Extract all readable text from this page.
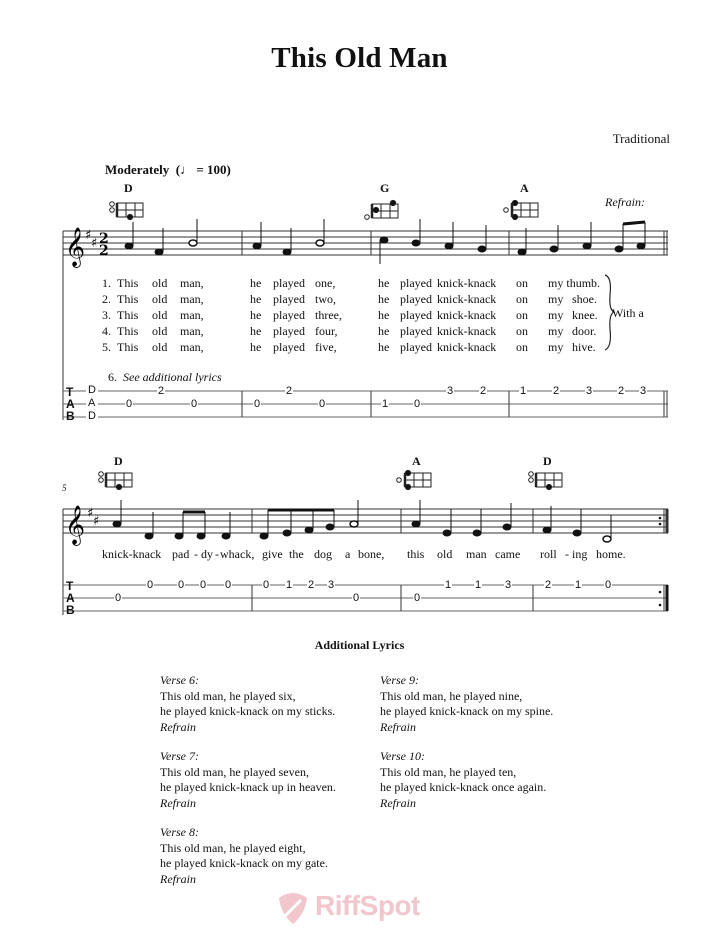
This Old Man
Traditional
Moderately (♩ = 100)
D	G	A
Refrain:
𝄞 ♯
♯ 2
2
T
A
B
D
A
D
2
0	0
2
0	0	1 0
3 2	1 2 3 2 3
1. This old man,	he played one,	he played knick-knack on my thumb.
2. This old man,	he played two,	he played knick-knack on my shoe.
3. This old man,	he played three,	he played knick-knack on my knee.
4. This old man,	he played four,	he played knick-knack on my door.
5. This old man,	he played five,	he played knick-knack on my hive.

6. See additional lyrics

With a
5
D	A	D
𝄞 ♯
♯
T
A
B
0
0 0 0 0	0 1 2 3
0	0
1 1 3	2 1 0
knick-knack pad - dy - whack, give the dog a bone, this old man came roll - ing home.
Additional Lyrics
Verse 6:
This old man, he played six,
he played knick-knack on my sticks.
Refrain
Verse 7:
This old man, he played seven,
he played knick-knack up in heaven.
Refrain
Verse 8:
This old man, he played eight,
he played knick-knack on my gate.
Refrain
Verse 9:
This old man, he played nine,
he played knick-knack on my spine.
Refrain
Verse 10:
This old man, he played ten,
he played knick-knack once again.
Refrain
RiffSpot
